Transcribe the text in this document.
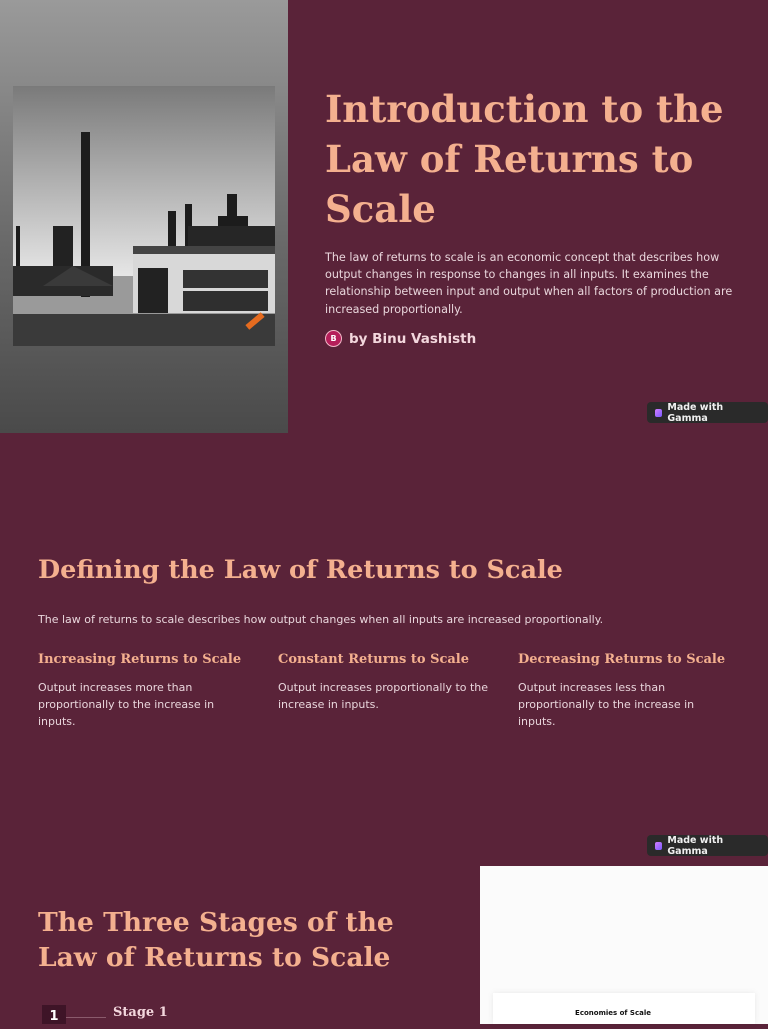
Introduction to the Law of Returns to Scale
The law of returns to scale is an economic concept that describes how output changes in response to changes in all inputs. It examines the relationship between input and output when all factors of production are increased proportionally.
B by Binu Vashisth
Made with Gamma
Defining the Law of Returns to Scale
The law of returns to scale describes how output changes when all inputs are increased proportionally.
Increasing Returns to Scale

Output increases more than proportionally to the increase in inputs.

Constant Returns to Scale

Output increases proportionally to the increase in inputs.

Decreasing Returns to Scale

Output increases less than proportionally to the increase in inputs.

Made with Gamma
The Three Stages of the Law of Returns to Scale
1	Stage 1	Economies of Scale
